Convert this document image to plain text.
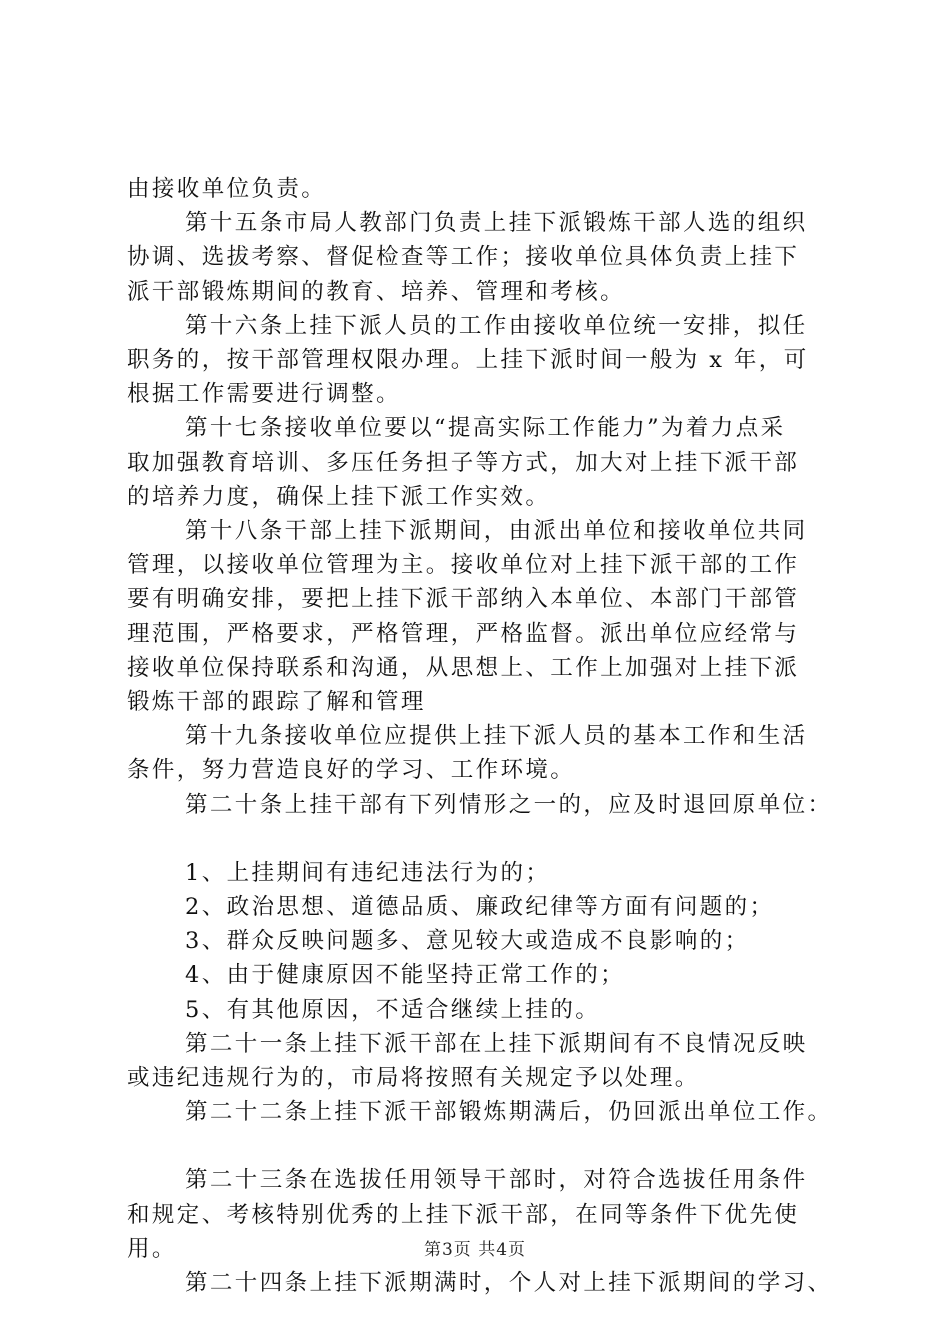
由接收单位负责。

第十五条市局人教部门负责上挂下派锻炼干部人选的组织

协调、选拔考察、督促检查等工作；接收单位具体负责上挂下

派干部锻炼期间的教育、培养、管理和考核。

第十六条上挂下派人员的工作由接收单位统一安排，拟任

职务的，按干部管理权限办理。上挂下派时间一般为 x 年，可

根据工作需要进行调整。

第十七条接收单位要以“提高实际工作能力”为着力点采

取加强教育培训、多压任务担子等方式，加大对上挂下派干部

的培养力度，确保上挂下派工作实效。

第十八条干部上挂下派期间，由派出单位和接收单位共同

管理，以接收单位管理为主。接收单位对上挂下派干部的工作

要有明确安排，要把上挂下派干部纳入本单位、本部门干部管

理范围，严格要求，严格管理，严格监督。派出单位应经常与

接收单位保持联系和沟通，从思想上、工作上加强对上挂下派

锻炼干部的跟踪了解和管理

第十九条接收单位应提供上挂下派人员的基本工作和生活

条件，努力营造良好的学习、工作环境。

第二十条上挂干部有下列情形之一的，应及时退回原单位：

1、上挂期间有违纪违法行为的；

2、政治思想、道德品质、廉政纪律等方面有问题的；

3、群众反映问题多、意见较大或造成不良影响的；

4、由于健康原因不能坚持正常工作的；

5、有其他原因，不适合继续上挂的。

第二十一条上挂下派干部在上挂下派期间有不良情况反映

或违纪违规行为的，市局将按照有关规定予以处理。

第二十二条上挂下派干部锻炼期满后，仍回派出单位工作。

第二十三条在选拔任用领导干部时，对符合选拔任用条件

和规定、考核特别优秀的上挂下派干部，在同等条件下优先使

用。

第二十四条上挂下派期满时，个人对上挂下派期间的学习、

第3页 共4页
